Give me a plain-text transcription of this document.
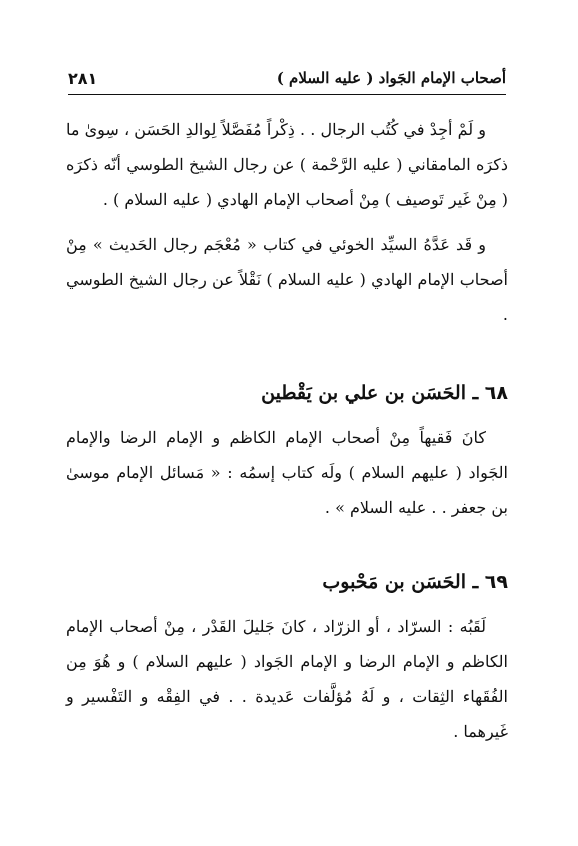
أصحاب الإمام الجَواد ( عليه السلام )
٢٨١

و لَمْ أجِدْ في كُتُب الرجال . . ذِكْراً مُفَصَّلاً لِوالدِ الحَسَن ، سِوىٰ ما ذكرَه المامقاني ( عليه الرَّحْمة ) عن رجال الشيخ الطوسي أنّه ذكرَه ( مِنْ غَير تَوصيف ) مِنْ أصحاب الإمام الهادي ( عليه السلام ) .

و قَد عَدَّهُ السيِّد الخوئي في كتاب « مُعْجَم رجال الحَديث » مِنْ أصحاب الإمام الهادي ( عليه السلام ) نَقْلاً عن رجال الشيخ الطوسي .

٦٨ ـ الحَسَن بن علي بن يَقْطين

كانَ فَقيهاً مِنْ أصحاب الإمام الكاظم و الإمام الرضا والإمام الجَواد ( عليهم السلام ) ولَه كتاب إسمُه : « مَسائل الإمام موسىٰ بن جعفر . . عليه السلام » .

٦٩ ـ الحَسَن بن مَحْبوب

لَقَبُه : السرّاد ، أو الزرّاد ، كانَ جَليلَ القَدْر ، مِنْ أصحاب الإمام الكاظم و الإمام الرضا و الإمام الجَواد ( عليهم السلام ) و هُوَ مِن الفُقَهاء الثِقات ، و لَهُ مُؤلَّفات عَديدة . . في الفِقْه و التَفْسير و غَيرهما .
